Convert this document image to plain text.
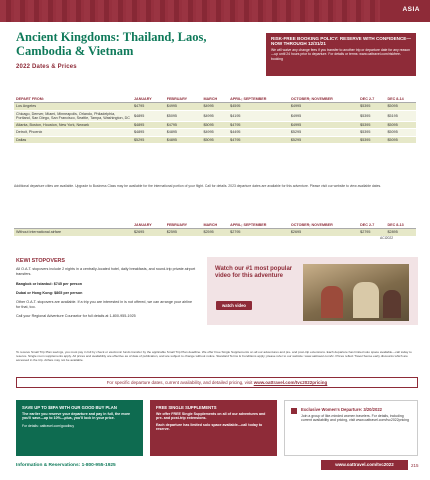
ASIA
Ancient Kingdoms: Thailand, Laos, Cambodia & Vietnam
2022 Dates & Prices
RISK-FREE BOOKING POLICY: RESERVE WITH CONFIDENCE—NOW THROUGH 12/31/21
We will waive any change fees if you transfer to another trip or departure date for any reason—up until 24 hours prior to departure. For details or terms: www.oattravel.com/riskfree-booking
DEPART FROM:	JANUARY	FEBRUARY	MARCH	APRIL; SEPTEMBER	OCTOBER; NOVEMBER	DEC 2-7	DEC 8-14
Los Angeles	$4795	$4995	$4995	$4595	$4995	$5395	$5095
Chicago, Denver, Miami, Minneapolis, Orlando, Philadelphia, Portland, San Diego, San Francisco, Seattle, Tampa, Washington, DC	$4895	$5095	$4995	$4195	$4995	$5395	$5195
Atlanta, Boston, Houston, New York, Newark	$4895	$4795	$5095	$4795	$4995	$5395	$5095
Detroit, Phoenix	$4895	$4895	$4995	$4495	$5295	$5395	$5095
Dallas	$5295	$4895	$5095	$4795	$5295	$5395	$5095
Additional departure cities are available. Upgrade to Business Class may be available for the international portion of your flight. Call for details. 2023 departure dates are available for this adventure. Please visit our website to view available dates.
	JANUARY	FEBRUARY	MARCH	APRIL; SEPTEMBER	OCTOBER; NOVEMBER	DEC 2-7	DEC 8-13
Without international airfare	$2695	$2595	$2595	$2795	$2695	$2795	$2895
ACI2022
KEWI STOPOVERS
All O.A.T. stopovers include 2 nights in a centrally-located hotel, daily breakfasts, and round-trip private airport transfers.
Bangkok or Istanbul: $745 per person
Dubai or Hong Kong: $865 per person
Other O.A.T. stopovers are available. If a trip you are interested in is not offered, we can arrange your airline for that, too.
Call your Regional Adventure Counselor for full details at 1-800-955-1925
Watch our #1 most popular video for this adventure
watch video
To receive Small Trip Plan savings, you must pay in full by check or electronic funds transfer by the applicable Small Trip Plan deadline. We offer Free Single Supplements on all our adventures and pre- and post-trip extensions. Each departure has limited solo space available—call today to reserve. Single room supplements apply. All prices and availability are effective as of date of publication, and are subject to change without notice. Standard Terms & Conditions apply; please refer to our website: www.oattravel.com/tc. Prices reflect Travel Sense early discounts which are accessed in the trip. Airfare may not be available.
For specific departure dates, current availability, and detailed pricing, visit www.oattravel.com/tvc2022pricing
SAVE UP TO $8PA WITH OUR GOOD BUY PLAN
The earlier you reserve your departure and pay in full, the more you'll save—up to 10%—plus, you'll lock in your price.
For details: oattravel.com/goodbuy
FREE SINGLE SUPPLEMENTS
We offer FREE Single Supplements on all of our adventures and pre- and post-trip extensions.
Each departure has limited solo space available—call today to reserve.
Exclusive Women's Departure: 3/20/2022
Join a group of like-minded women travelers. For details, including current availability and pricing, visit www.oattravel.com/tvc2022pricing
Information & Reservations: 1-800-955-1925	www.oattravel.com/tvc2022	215
